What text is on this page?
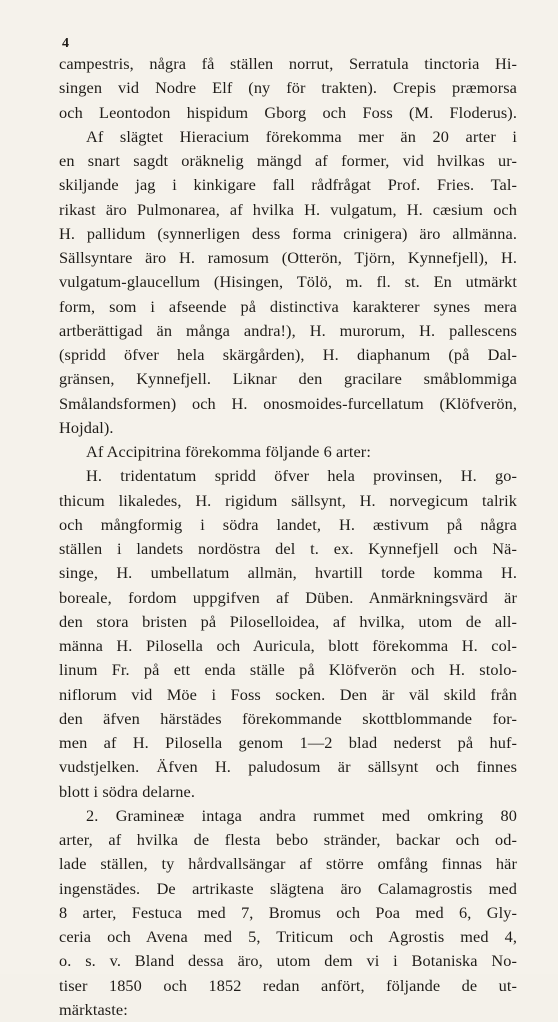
4
campestris, några få ställen norrut, Serratula tinctoria Hi-
singen vid Nodre Elf (ny för trakten). Crepis præmorsa
och Leontodon hispidum Gborg och Foss (M. Floderus).
Af slägtet Hieracium förekomma mer än 20 arter i
en snart sagdt oräknelig mängd af former, vid hvilkas ur-
skiljande jag i kinkigare fall rådfrågat Prof. Fries. Tal-
rikast äro Pulmonarea, af hvilka H. vulgatum, H. cæsium och
H. pallidum (synnerligen dess forma crinigera) äro allmänna.
Sällsyntare äro H. ramosum (Otterön, Tjörn, Kynnefjell), H.
vulgatum-glaucellum (Hisingen, Tölö, m. fl. st. En utmärkt
form, som i afseende på distinctiva karakterer synes mera
artberättigad än många andra!), H. murorum, H. pallescens
(spridd öfver hela skärgården), H. diaphanum (på Dal-
gränsen, Kynnefjell. Liknar den gracilare småblommiga
Smålandsformen) och H. onosmoides-furcellatum (Klöfverön,
Hojdal).
Af Accipitrina förekomma följande 6 arter:
H. tridentatum spridd öfver hela provinsen, H. go-
thicum likaledes, H. rigidum sällsynt, H. norvegicum talrik
och mångformig i södra landet, H. æstivum på några
ställen i landets nordöstra del t. ex. Kynnefjell och Nä-
singe, H. umbellatum allmän, hvartill torde komma H.
boreale, fordom uppgifven af Düben. Anmärkningsvärd är
den stora bristen på Piloselloidea, af hvilka, utom de all-
männa H. Pilosella och Auricula, blott förekomma H. col-
linum Fr. på ett enda ställe på Klöfverön och H. stolo-
niflorum vid Möe i Foss socken. Den är väl skild från
den äfven härstädes förekommande skottblommande for-
men af H. Pilosella genom 1—2 blad nederst på huf-
vudstjelken. Äfven H. paludosum är sällsynt och finnes
blott i södra delarne.
2. Gramineæ intaga andra rummet med omkring 80
arter, af hvilka de flesta bebo stränder, backar och od-
lade ställen, ty hårdvallsängar af större omfång finnas här
ingenstädes. De artrikaste slägtena äro Calamagrostis med
8 arter, Festuca med 7, Bromus och Poa med 6, Gly-
ceria och Avena med 5, Triticum och Agrostis med 4,
o. s. v. Bland dessa äro, utom dem vi i Botaniska No-
tiser 1850 och 1852 redan anfört, följande de ut-
märktaste:
